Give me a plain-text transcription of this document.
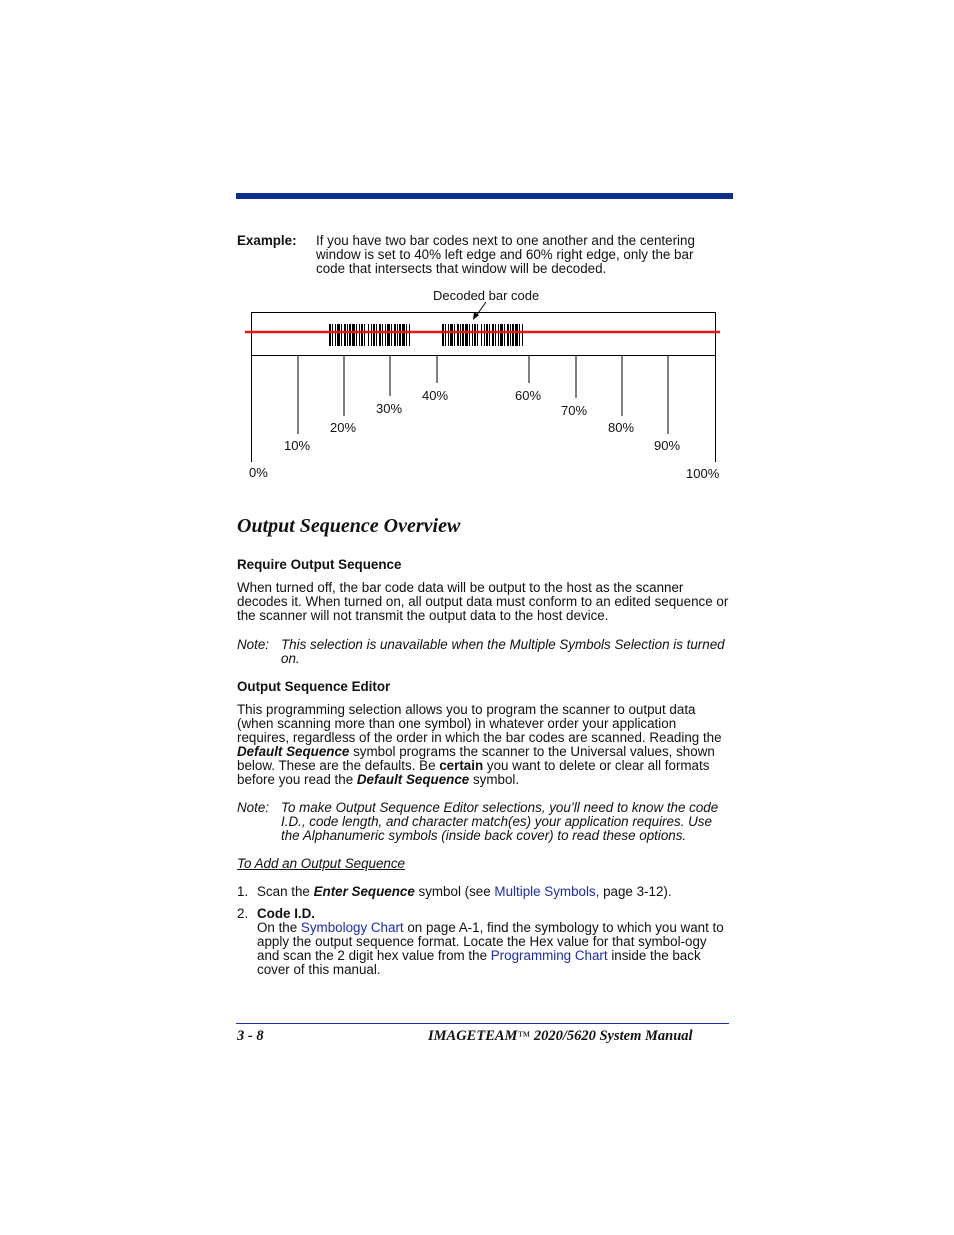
Example: If you have two bar codes next to one another and the centering window is set to 40% left edge and 60% right edge, only the bar code that intersects that window will be decoded.

Decoded bar code
0%
10%
20%
30%
40%	60%
70%
80%
90%
100%
Output Sequence Overview

Require Output Sequence

When turned off, the bar code data will be output to the host as the scanner decodes it. When turned on, all output data must conform to an edited sequence or the scanner will not transmit the output data to the host device.

Note: This selection is unavailable when the Multiple Symbols Selection is turned on.

Output Sequence Editor

This programming selection allows you to program the scanner to output data (when scanning more than one symbol) in whatever order your application requires, regardless of the order in which the bar codes are scanned. Reading the Default Sequence symbol programs the scanner to the Universal values, shown below. These are the defaults. Be certain you want to delete or clear all formats before you read the Default Sequence symbol.

Note: To make Output Sequence Editor selections, you’ll need to know the code I.D., code length, and character match(es) your application requires. Use the Alphanumeric symbols (inside back cover) to read these options.

To Add an Output Sequence

1. Scan the Enter Sequence symbol (see Multiple Symbols, page 3-12).

2. Code I.D.

On the Symbology Chart on page A-1, find the symbology to which you want to apply the output sequence format. Locate the Hex value for that symbol-ogy and scan the 2 digit hex value from the Programming Chart inside the back cover of this manual.

3 - 8	IMAGETEAM™ 2020/5620 System Manual
